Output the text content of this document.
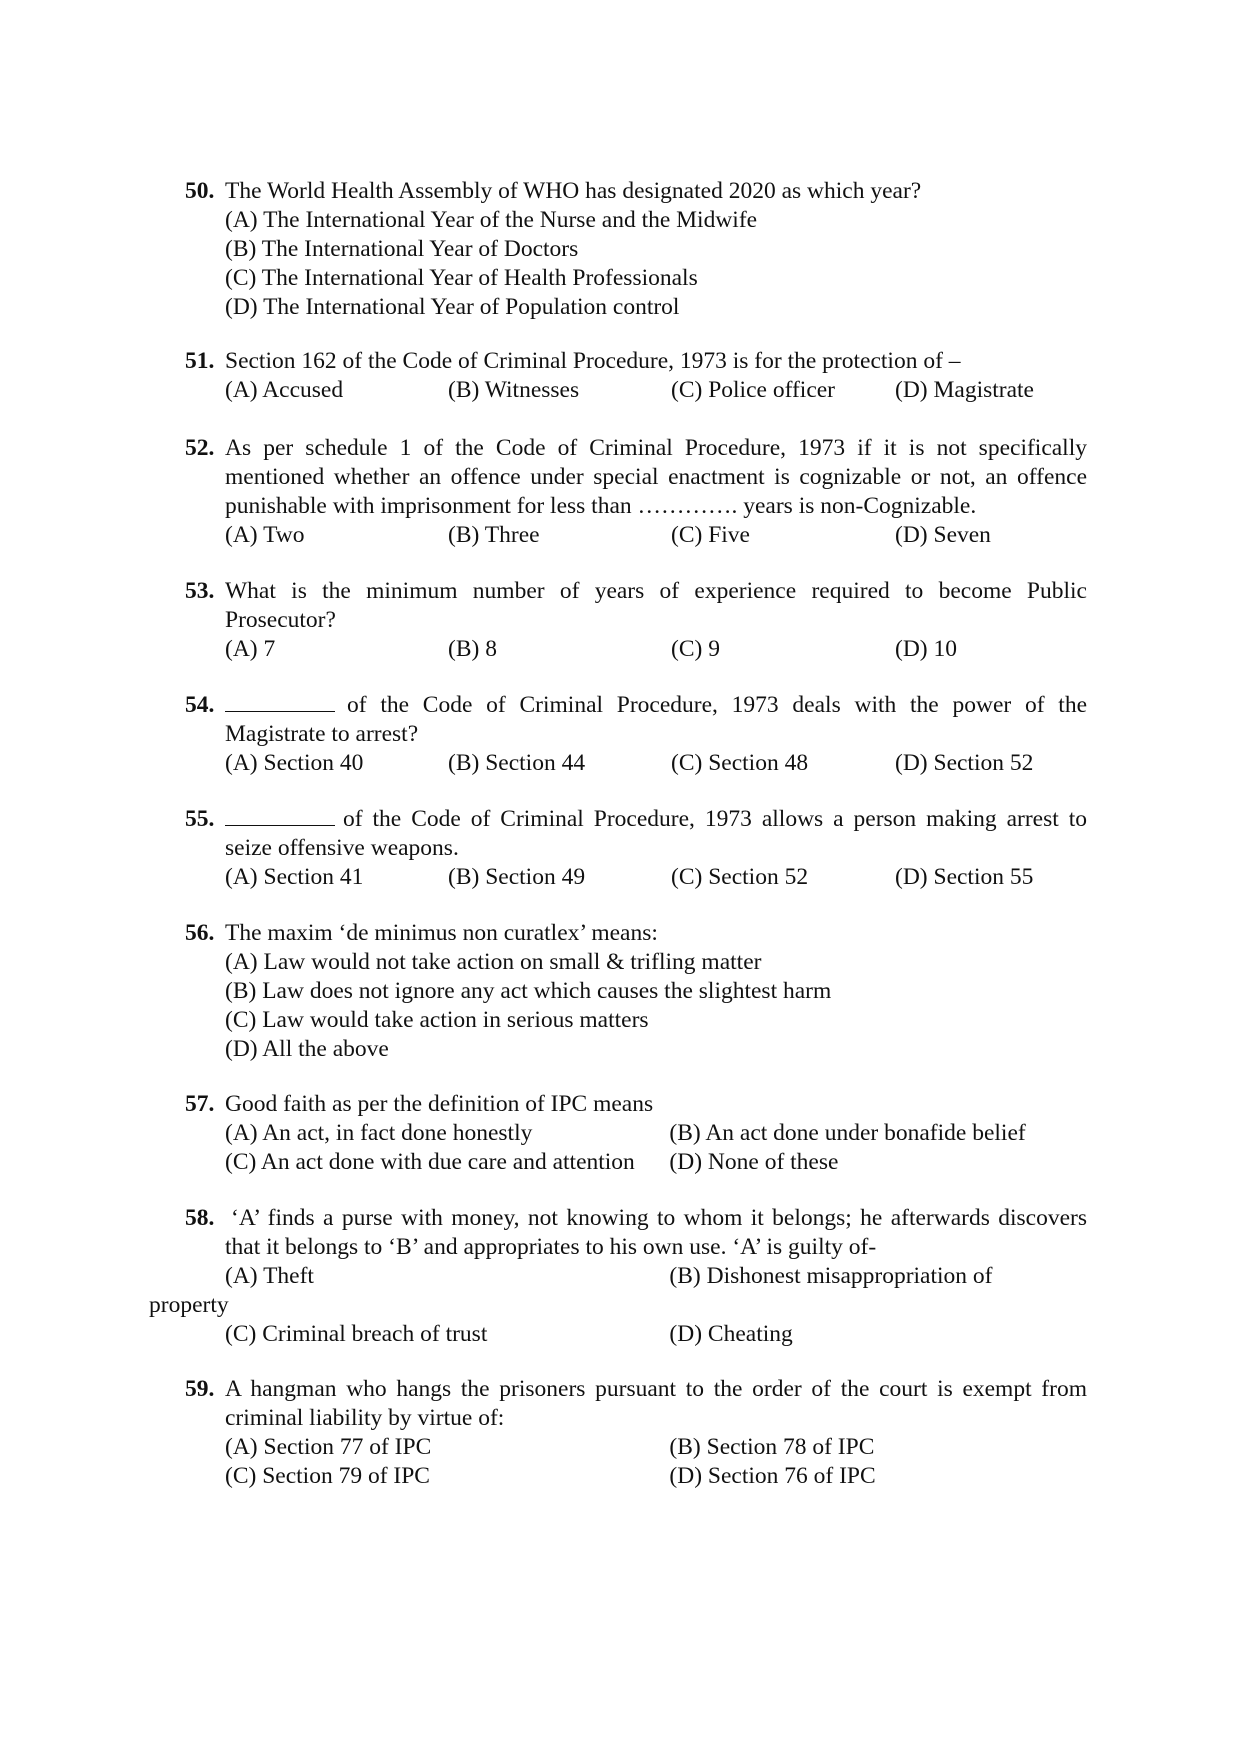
50. The World Health Assembly of WHO has designated 2020 as which year?
(A) The International Year of the Nurse and the Midwife
(B) The International Year of Doctors
(C) The International Year of Health Professionals
(D) The International Year of Population control
51. Section 162 of the Code of Criminal Procedure, 1973 is for the protection of –
(A) Accused	(B) Witnesses	(C) Police officer	(D) Magistrate
52. As per schedule 1 of the Code of Criminal Procedure, 1973 if it is not specifically
mentioned whether an offence under special enactment is cognizable or not, an offence
punishable with imprisonment for less than …………. years is non-Cognizable.
(A) Two	(B) Three	(C) Five	(D) Seven
53. What is the minimum number of years of experience required to become Public
Prosecutor?
(A) 7	(B) 8	(C) 9	(D) 10
54.	of the Code of Criminal Procedure, 1973 deals with the power of the
Magistrate to arrest?
(A) Section 40	(B) Section 44	(C) Section 48	(D) Section 52
55.	of the Code of Criminal Procedure, 1973 allows a person making arrest to
seize offensive weapons.
(A) Section 41	(B) Section 49	(C) Section 52	(D) Section 55
56. The maxim ‘de minimus non curatlex’ means:
(A) Law would not take action on small & trifling matter
(B) Law does not ignore any act which causes the slightest harm
(C) Law would take action in serious matters
(D) All the above
57. Good faith as per the definition of IPC means
(A) An act, in fact done honestly	(B) An act done under bonafide belief
(C) An act done with due care and attention	(D) None of these
58. ‘A’ finds a purse with money, not knowing to whom it belongs; he afterwards discovers
that it belongs to ‘B’ and appropriates to his own use. ‘A’ is guilty of-
(A) Theft	(B) Dishonest misappropriation of
(C) Criminal breach of trust	(D) Cheating
property
59. A hangman who hangs the prisoners pursuant to the order of the court is exempt from
criminal liability by virtue of:
(A) Section 77 of IPC	(B) Section 78 of IPC
(C) Section 79 of IPC	(D) Section 76 of IPC
